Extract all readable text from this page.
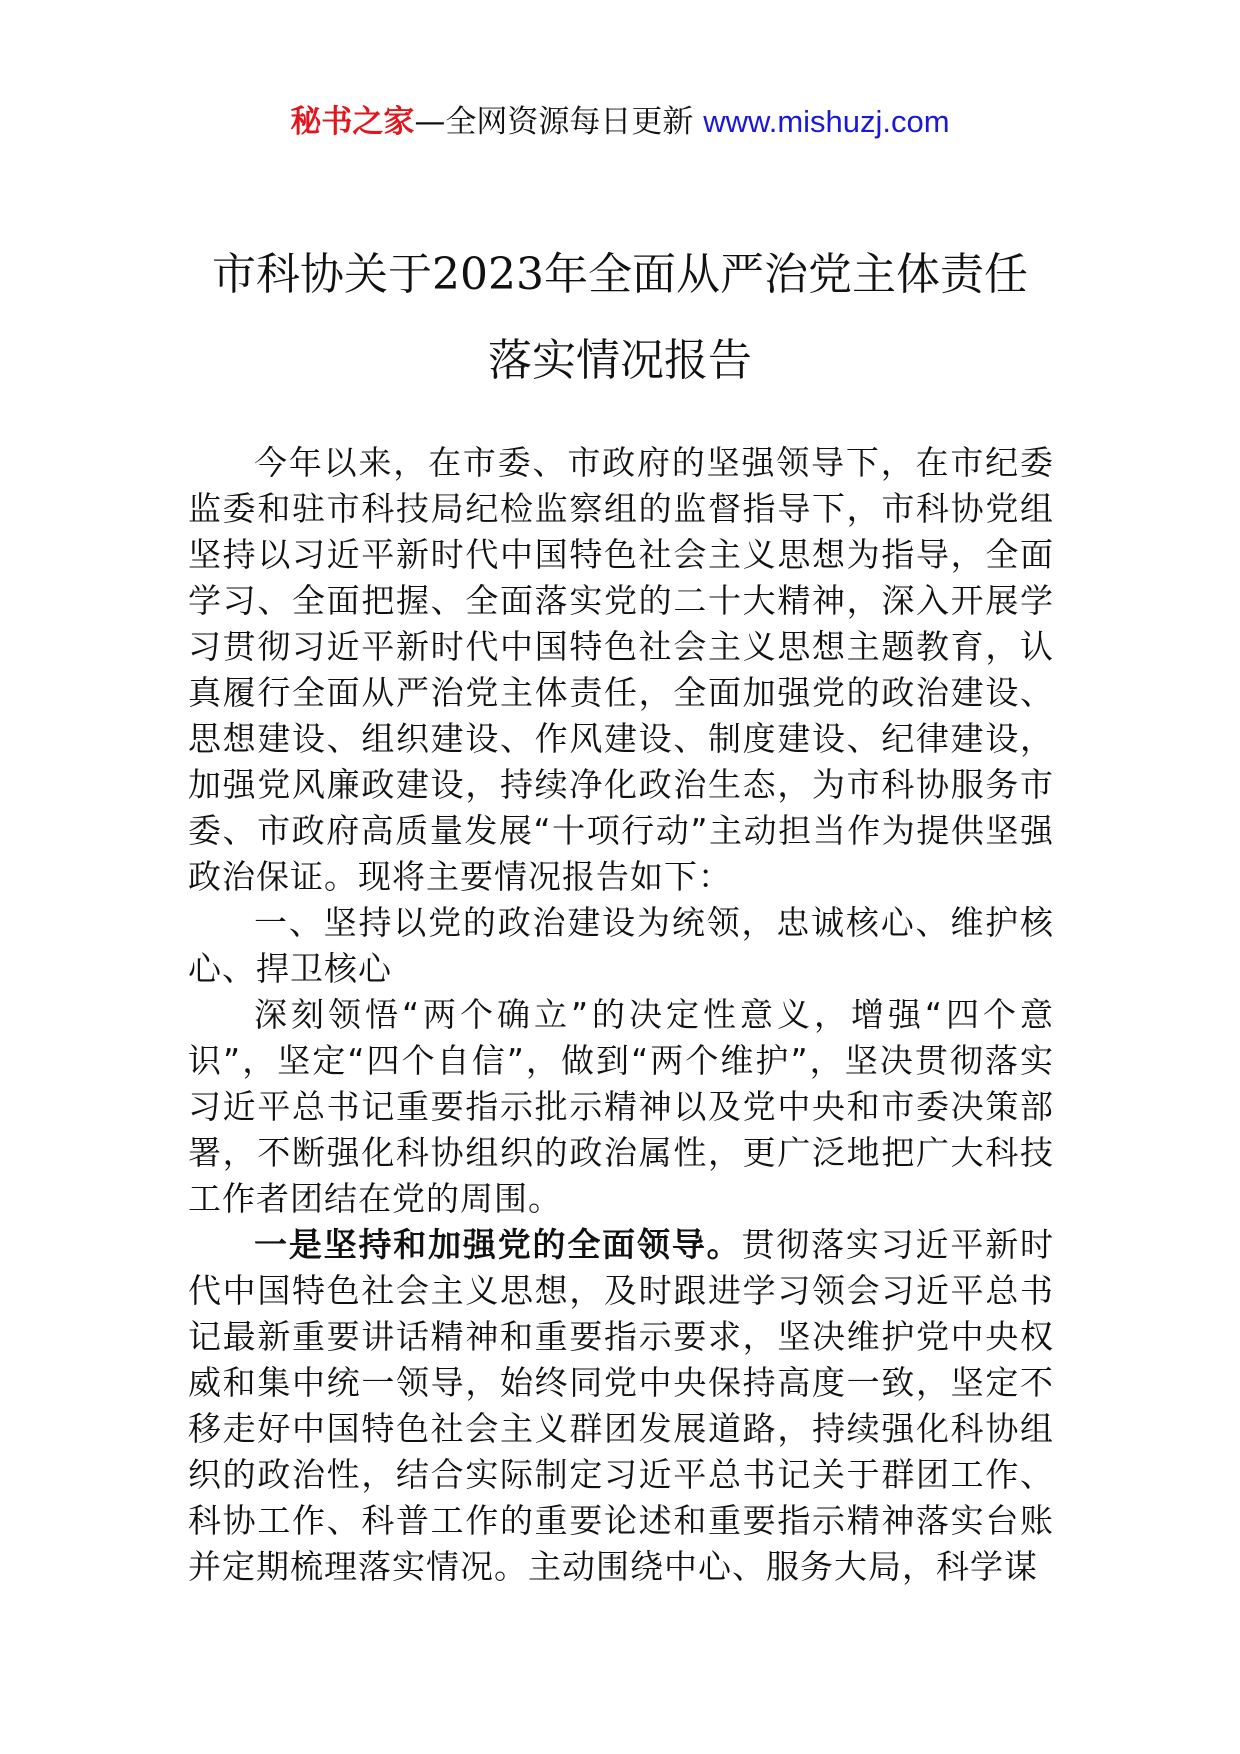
秘书之家—全网资源每日更新 www.mishuzj.com
市科协关于2023年全面从严治党主体责任
落实情况报告

今年以来，在市委、市政府的坚强领导下，在市纪委监委和驻市科技局纪检监察组的监督指导下，市科协党组坚持以习近平新时代中国特色社会主义思想为指导，全面学习、全面把握、全面落实党的二十大精神，深入开展学习贯彻习近平新时代中国特色社会主义思想主题教育，认真履行全面从严治党主体责任，全面加强党的政治建设、思想建设、组织建设、作风建设、制度建设、纪律建设，加强党风廉政建设，持续净化政治生态，为市科协服务市委、市政府高质量发展“十项行动”主动担当作为提供坚强政治保证。现将主要情况报告如下：

一、坚持以党的政治建设为统领，忠诚核心、维护核心、捍卫核心

深刻领悟“两个确立”的决定性意义，增强“四个意识”，坚定“四个自信”，做到“两个维护”，坚决贯彻落实习近平总书记重要指示批示精神以及党中央和市委决策部署，不断强化科协组织的政治属性，更广泛地把广大科技工作者团结在党的周围。

一是坚持和加强党的全面领导。贯彻落实习近平新时代中国特色社会主义思想，及时跟进学习领会习近平总书记最新重要讲话精神和重要指示要求，坚决维护党中央权威和集中统一领导，始终同党中央保持高度一致，坚定不移走好中国特色社会主义群团发展道路，持续强化科协组织的政治性，结合实际制定习近平总书记关于群团工作、科协工作、科普工作的重要论述和重要指示精神落实台账并定期梳理落实情况。主动围绕中心、服务大局，科学谋
